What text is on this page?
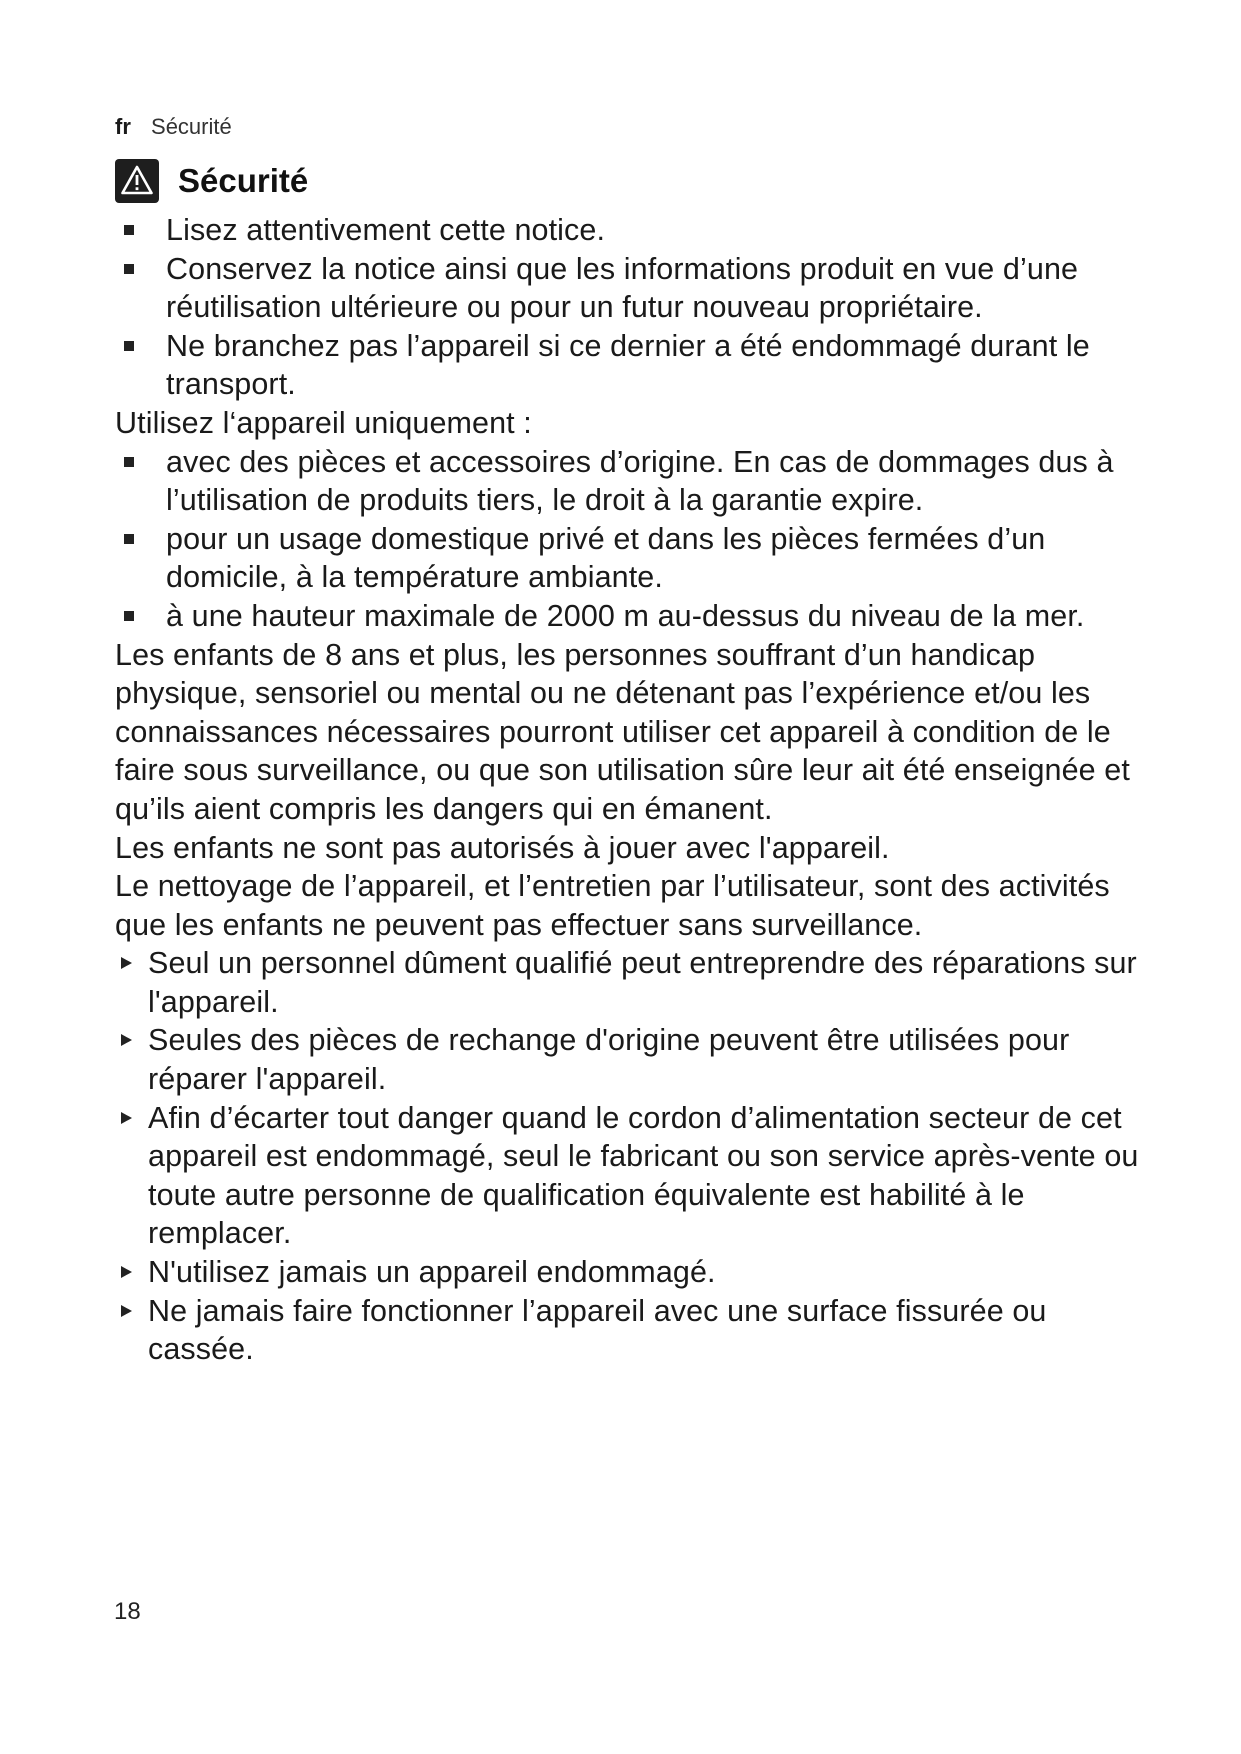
fr Sécurité
Sécurité

Lisez attentivement cette notice.

Conservez la notice ainsi que les informations produit en vue d’une réutilisation ultérieure ou pour un futur nouveau propriétaire.

Ne branchez pas l’appareil si ce dernier a été endommagé durant le transport.

Utilisez l‘appareil uniquement :

avec des pièces et accessoires d’origine. En cas de dommages dus à l’utilisation de produits tiers, le droit à la garantie expire.

pour un usage domestique privé et dans les pièces fermées d’un domicile, à la température ambiante.

à une hauteur maximale de 2000 m au-dessus du niveau de la mer.

Les enfants de 8 ans et plus, les personnes souffrant d’un handicap physique, sensoriel ou mental ou ne détenant pas l’expérience et/ou les connaissances nécessaires pourront utiliser cet appareil à condition de le faire sous surveillance, ou que son utilisation sûre leur ait été enseignée et qu’ils aient compris les dangers qui en émanent.

Les enfants ne sont pas autorisés à jouer avec l'appareil.

Le nettoyage de l’appareil, et l’entretien par l’utilisateur, sont des activités que les enfants ne peuvent pas effectuer sans surveillance.

Seul un personnel dûment qualifié peut entreprendre des réparations sur l'appareil.

Seules des pièces de rechange d'origine peuvent être utilisées pour réparer l'appareil.

Afin d’écarter tout danger quand le cordon d’alimentation secteur de cet appareil est endommagé, seul le fabricant ou son service après-vente ou toute autre personne de qualification équivalente est habilité à le remplacer.

N'utilisez jamais un appareil endommagé.

Ne jamais faire fonctionner l’appareil avec une surface fissurée ou cassée.

18
